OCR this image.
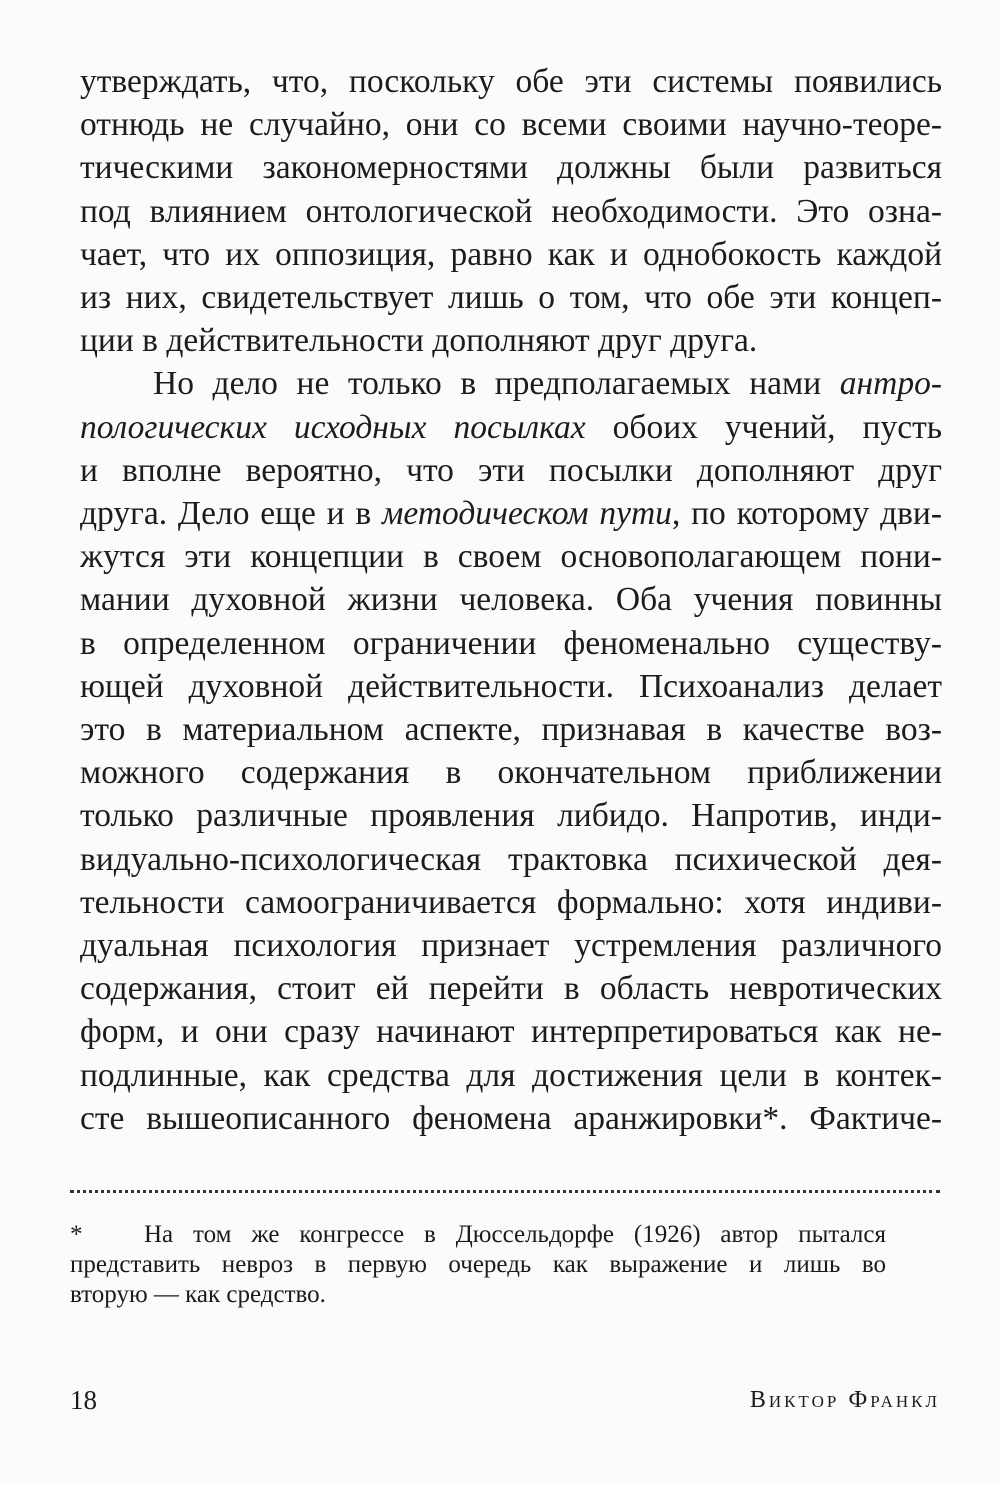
утверждать, что, поскольку обе эти системы появились
отнюдь не случайно, они со всеми своими научно-теоре-
тическими закономерностями должны были развиться
под влиянием онтологической необходимости. Это озна-
чает, что их оппозиция, равно как и однобокость каждой
из них, свидетельствует лишь о том, что обе эти концеп-
ции в действительности дополняют друг друга.
Но дело не только в предполагаемых нами антро-
пологических исходных посылках обоих учений, пусть
и вполне вероятно, что эти посылки дополняют друг
друга. Дело еще и в методическом пути, по которому дви-
жутся эти концепции в своем основополагающем пони-
мании духовной жизни человека. Оба учения повинны
в определенном ограничении феноменально существу-
ющей духовной действительности. Психоанализ делает
это в материальном аспекте, признавая в качестве воз-
можного содержания в окончательном приближении
только различные проявления либидо. Напротив, инди-
видуально-психологическая трактовка психической дея-
тельности самоограничивается формально: хотя индиви-
дуальная психология признает устремления различного
содержания, стоит ей перейти в область невротических
форм, и они сразу начинают интерпретироваться как не-
подлинные, как средства для достижения цели в контек-
сте вышеописанного феномена аранжировки*. Фактиче-
* На том же конгрессе в Дюссельдорфе (1926) автор пытался
представить невроз в первую очередь как выражение и лишь во
вторую — как средство.
18	Виктор Франкл
